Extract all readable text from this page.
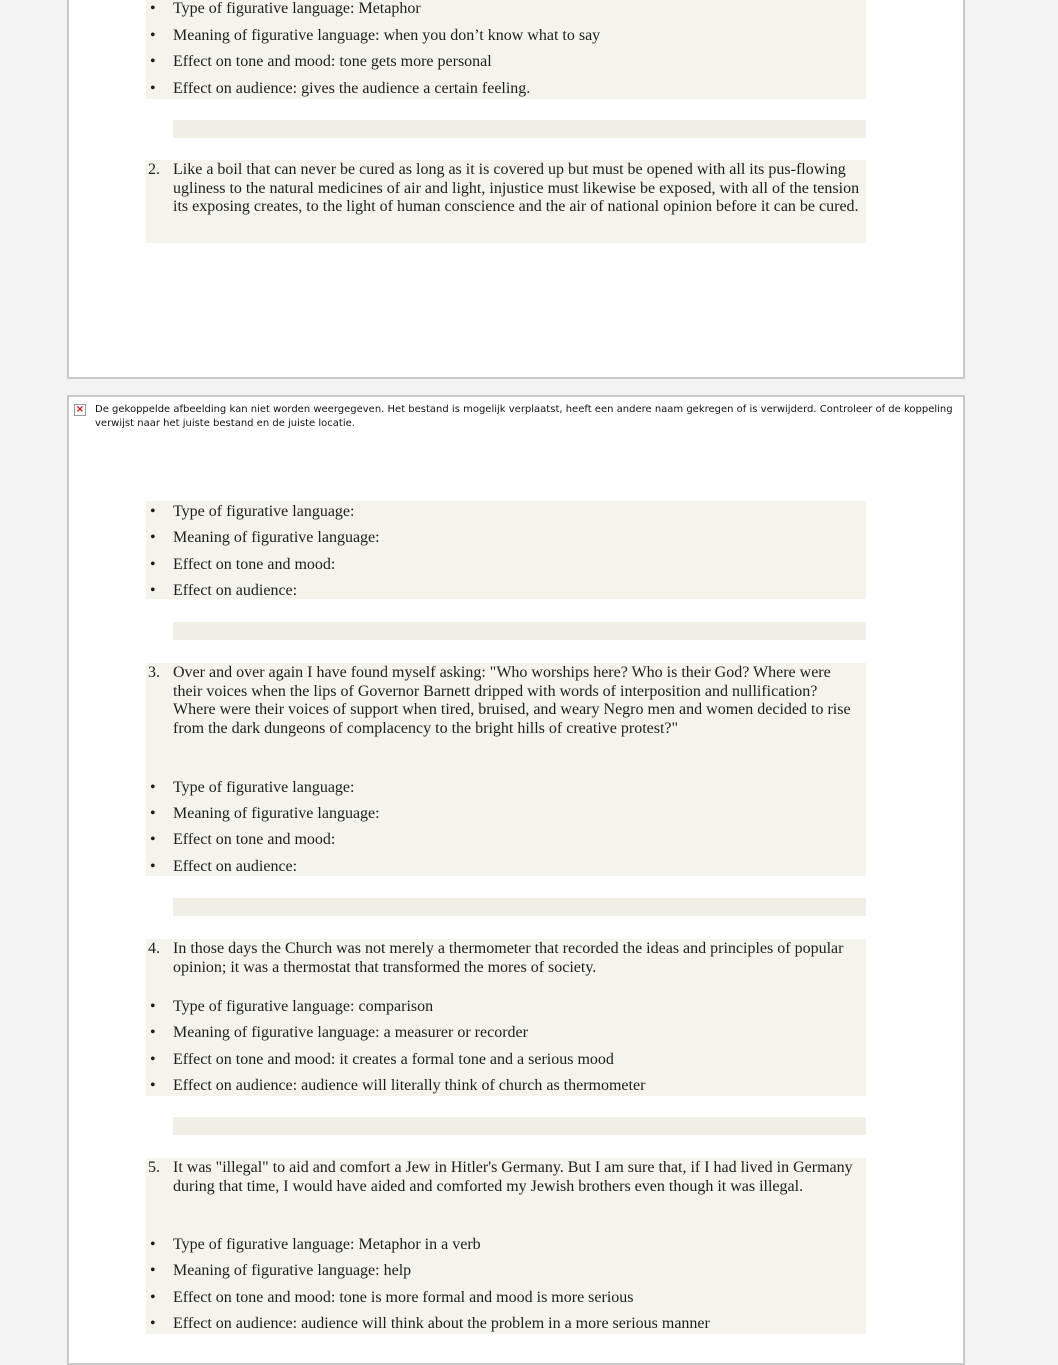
• Type of figurative language: Metaphor
• Meaning of figurative language: when you don’t know what to say
• Effect on tone and mood: tone gets more personal
• Effect on audience: gives the audience a certain feeling.
2. Like a boil that can never be cured as long as it is covered up but must be opened with all its pus-flowing ugliness to the natural medicines of air and light, injustice must likewise be exposed, with all of the tension its exposing creates, to the light of human conscience and the air of national opinion before it can be cured.
× De gekoppelde afbeelding kan niet worden weergegeven. Het bestand is mogelijk verplaatst, heeft een andere naam gekregen of is verwijderd. Controleer of de koppeling verwijst naar het juiste bestand en de juiste locatie.
• Type of figurative language:
• Meaning of figurative language:
• Effect on tone and mood:
• Effect on audience:
3. Over and over again I have found myself asking: "Who worships here? Who is their God? Where were their voices when the lips of Governor Barnett dripped with words of interposition and nullification? Where were their voices of support when tired, bruised, and weary Negro men and women decided to rise from the dark dungeons of complacency to the bright hills of creative protest?"
• Type of figurative language:
• Meaning of figurative language:
• Effect on tone and mood:
• Effect on audience:
4. In those days the Church was not merely a thermometer that recorded the ideas and principles of popular opinion; it was a thermostat that transformed the mores of society.
• Type of figurative language: comparison
• Meaning of figurative language: a measurer or recorder
• Effect on tone and mood: it creates a formal tone and a serious mood
• Effect on audience: audience will literally think of church as thermometer
5. It was "illegal" to aid and comfort a Jew in Hitler's Germany. But I am sure that, if I had lived in Germany during that time, I would have aided and comforted my Jewish brothers even though it was illegal.
• Type of figurative language: Metaphor in a verb
• Meaning of figurative language: help
• Effect on tone and mood: tone is more formal and mood is more serious
• Effect on audience: audience will think about the problem in a more serious manner
